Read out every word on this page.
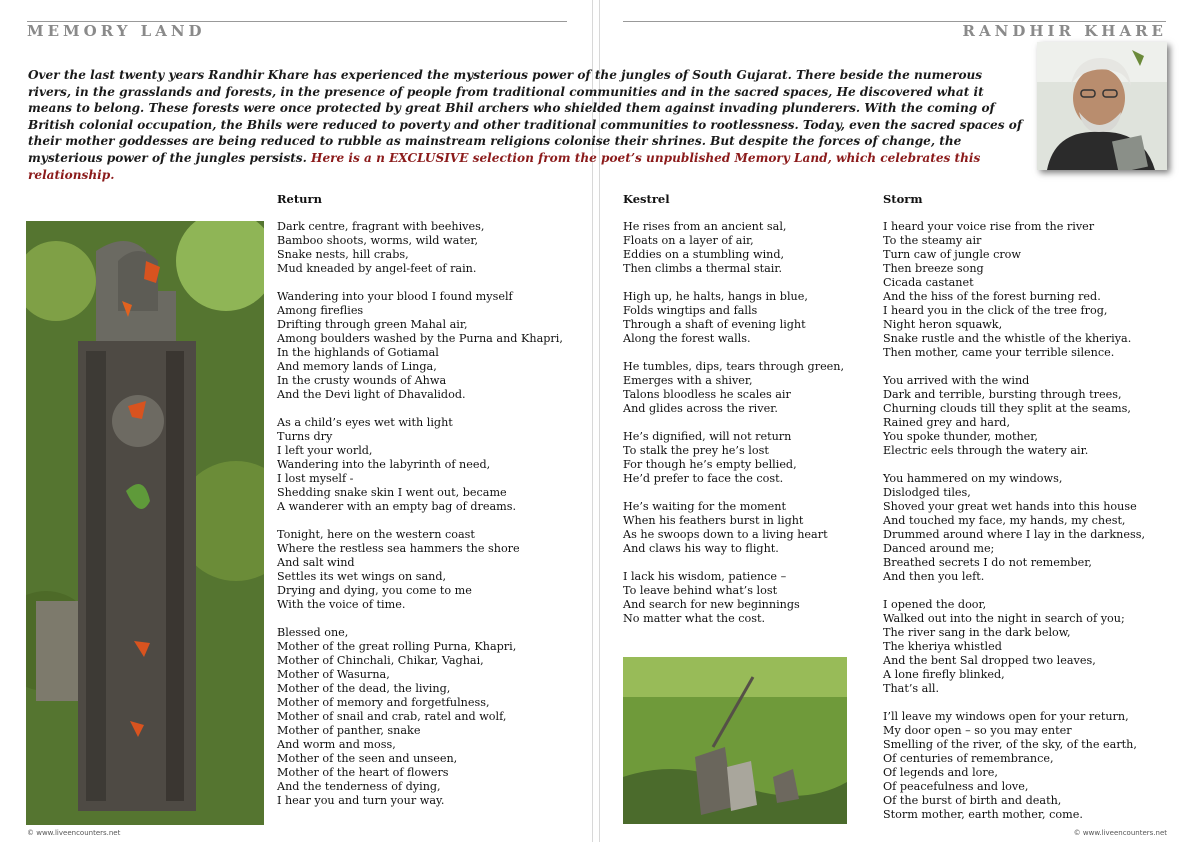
MEMORY LAND	RANDHIR KHARE

Over the last twenty years Randhir Khare has experienced the mysterious power of the jungles of South Gujarat. There beside the numerous rivers, in the grasslands and forests, in the presence of people from traditional communities and in the sacred spaces, He discovered what it means to belong. These forests were once protected by great Bhil archers who shielded them against invading plunderers. With the coming of British colonial occupation, the Bhils were reduced to poverty and other traditional communities to rootlessness. Today, even the sacred spaces of their mother goddesses are being reduced to rubble as mainstream religions colonise their shrines. But despite the forces of change, the mysterious power of the jungles persists. Here is a n EXCLUSIVE selection from the poet’s unpublished Memory Land, which celebrates this relationship.

Return
Dark centre, fragrant with beehives,
Bamboo shoots, worms, wild water,
Snake nests, hill crabs,
Mud kneaded by angel-feet of rain.
Wandering into your blood I found myself
Among fireflies
Drifting through green Mahal air,
Among boulders washed by the Purna and Khapri,
In the highlands of Gotiamal
And memory lands of Linga,
In the crusty wounds of Ahwa
And the Devi light of Dhavalidod.
As a child’s eyes wet with light
Turns dry
I left your world,
Wandering into the labyrinth of need,
I lost myself -
Shedding snake skin I went out, became
A wanderer with an empty bag of dreams.
Tonight, here on the western coast
Where the restless sea hammers the shore
And salt wind
Settles its wet wings on sand,
Drying and dying, you come to me
With the voice of time.
Blessed one,
Mother of the great rolling Purna, Khapri,
Mother of Chinchali, Chikar, Vaghai,
Mother of Wasurna,
Mother of the dead, the living,
Mother of memory and forgetfulness,
Mother of snail and crab, ratel and wolf,
Mother of panther, snake
And worm and moss,
Mother of the seen and unseen,
Mother of the heart of flowers
And the tenderness of dying,
I hear you and turn your way.
Kestrel
He rises from an ancient sal,
Floats on a layer of air,
Eddies on a stumbling wind,
Then climbs a thermal stair.
High up, he halts, hangs in blue,
Folds wingtips and falls
Through a shaft of evening light
Along the forest walls.
He tumbles, dips, tears through green,
Emerges with a shiver,
Talons bloodless he scales air
And glides across the river.
He’s dignified, will not return
To stalk the prey he’s lost
For though he’s empty bellied,
He’d prefer to face the cost.
He’s waiting for the moment
When his feathers burst in light
As he swoops down to a living heart
And claws his way to flight.
I lack his wisdom, patience –
To leave behind what’s lost
And search for new beginnings
No matter what the cost.
Storm
I heard your voice rise from the river
To the steamy air
Turn caw of jungle crow
Then breeze song
Cicada castanet
And the hiss of the forest burning red.
I heard you in the click of the tree frog,
Night heron squawk,
Snake rustle and the whistle of the kheriya.
Then mother, came your terrible silence.
You arrived with the wind
Dark and terrible, bursting through trees,
Churning clouds till they split at the seams,
Rained grey and hard,
You spoke thunder, mother,
Electric eels through the watery air.
You hammered on my windows,
Dislodged tiles,
Shoved your great wet hands into this house
And touched my face, my hands, my chest,
Drummed around where I lay in the darkness,
Danced around me;
Breathed secrets I do not remember,
And then you left.
I opened the door,
Walked out into the night in search of you;
The river sang in the dark below,
The kheriya whistled
And the bent Sal dropped two leaves,
A lone firefly blinked,
That’s all.
I’ll leave my windows open for your return,
My door open – so you may enter
Smelling of the river, of the sky, of the earth,
Of centuries of remembrance,
Of legends and lore,
Of peacefulness and love,
Of the burst of birth and death,
Storm mother, earth mother, come.
© www.liveencounters.net	© www.liveencounters.net
